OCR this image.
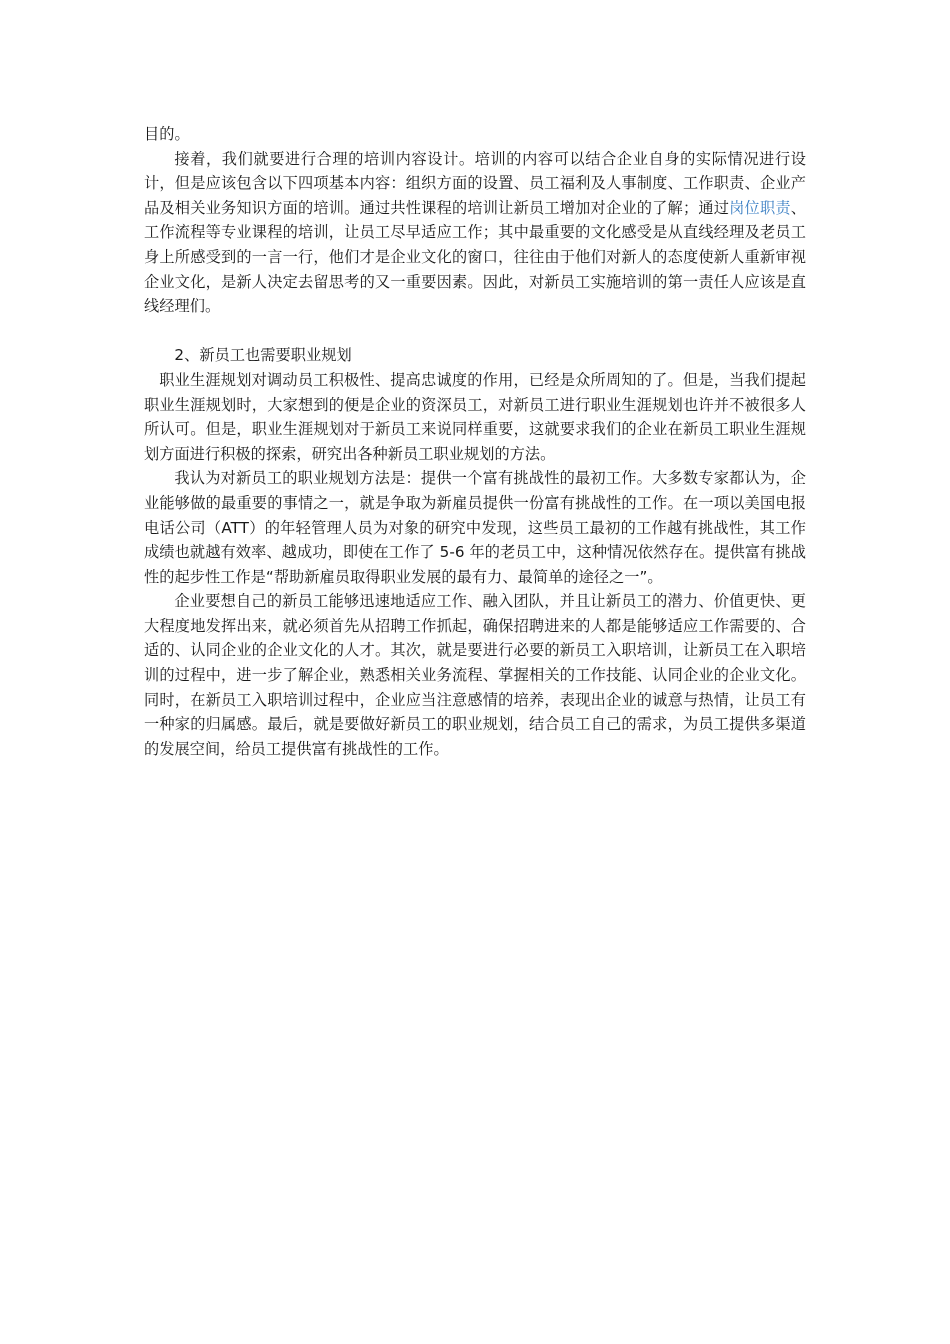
目的。

接着，我们就要进行合理的培训内容设计。培训的内容可以结合企业自身的实际情况进行设计，但是应该包含以下四项基本内容：组织方面的设置、员工福利及人事制度、工作职责、企业产品及相关业务知识方面的培训。通过共性课程的培训让新员工增加对企业的了解；通过岗位职责、工作流程等专业课程的培训，让员工尽早适应工作；其中最重要的文化感受是从直线经理及老员工身上所感受到的一言一行，他们才是企业文化的窗口，往往由于他们对新人的态度使新人重新审视企业文化，是新人决定去留思考的又一重要因素。因此，对新员工实施培训的第一责任人应该是直线经理们。

2、新员工也需要职业规划

职业生涯规划对调动员工积极性、提高忠诚度的作用，已经是众所周知的了。但是，当我们提起职业生涯规划时，大家想到的便是企业的资深员工，对新员工进行职业生涯规划也许并不被很多人所认可。但是，职业生涯规划对于新员工来说同样重要，这就要求我们的企业在新员工职业生涯规划方面进行积极的探索，研究出各种新员工职业规划的方法。

我认为对新员工的职业规划方法是：提供一个富有挑战性的最初工作。大多数专家都认为，企业能够做的最重要的事情之一，就是争取为新雇员提供一份富有挑战性的工作。在一项以美国电报电话公司（ATT）的年轻管理人员为对象的研究中发现，这些员工最初的工作越有挑战性，其工作成绩也就越有效率、越成功，即使在工作了 5-6 年的老员工中，这种情况依然存在。提供富有挑战性的起步性工作是“帮助新雇员取得职业发展的最有力、最简单的途径之一”。

企业要想自己的新员工能够迅速地适应工作、融入团队，并且让新员工的潜力、价值更快、更大程度地发挥出来，就必须首先从招聘工作抓起，确保招聘进来的人都是能够适应工作需要的、合适的、认同企业的企业文化的人才。其次，就是要进行必要的新员工入职培训，让新员工在入职培训的过程中，进一步了解企业，熟悉相关业务流程、掌握相关的工作技能、认同企业的企业文化。同时，在新员工入职培训过程中，企业应当注意感情的培养，表现出企业的诚意与热情，让员工有一种家的归属感。最后，就是要做好新员工的职业规划，结合员工自己的需求，为员工提供多渠道的发展空间，给员工提供富有挑战性的工作。
